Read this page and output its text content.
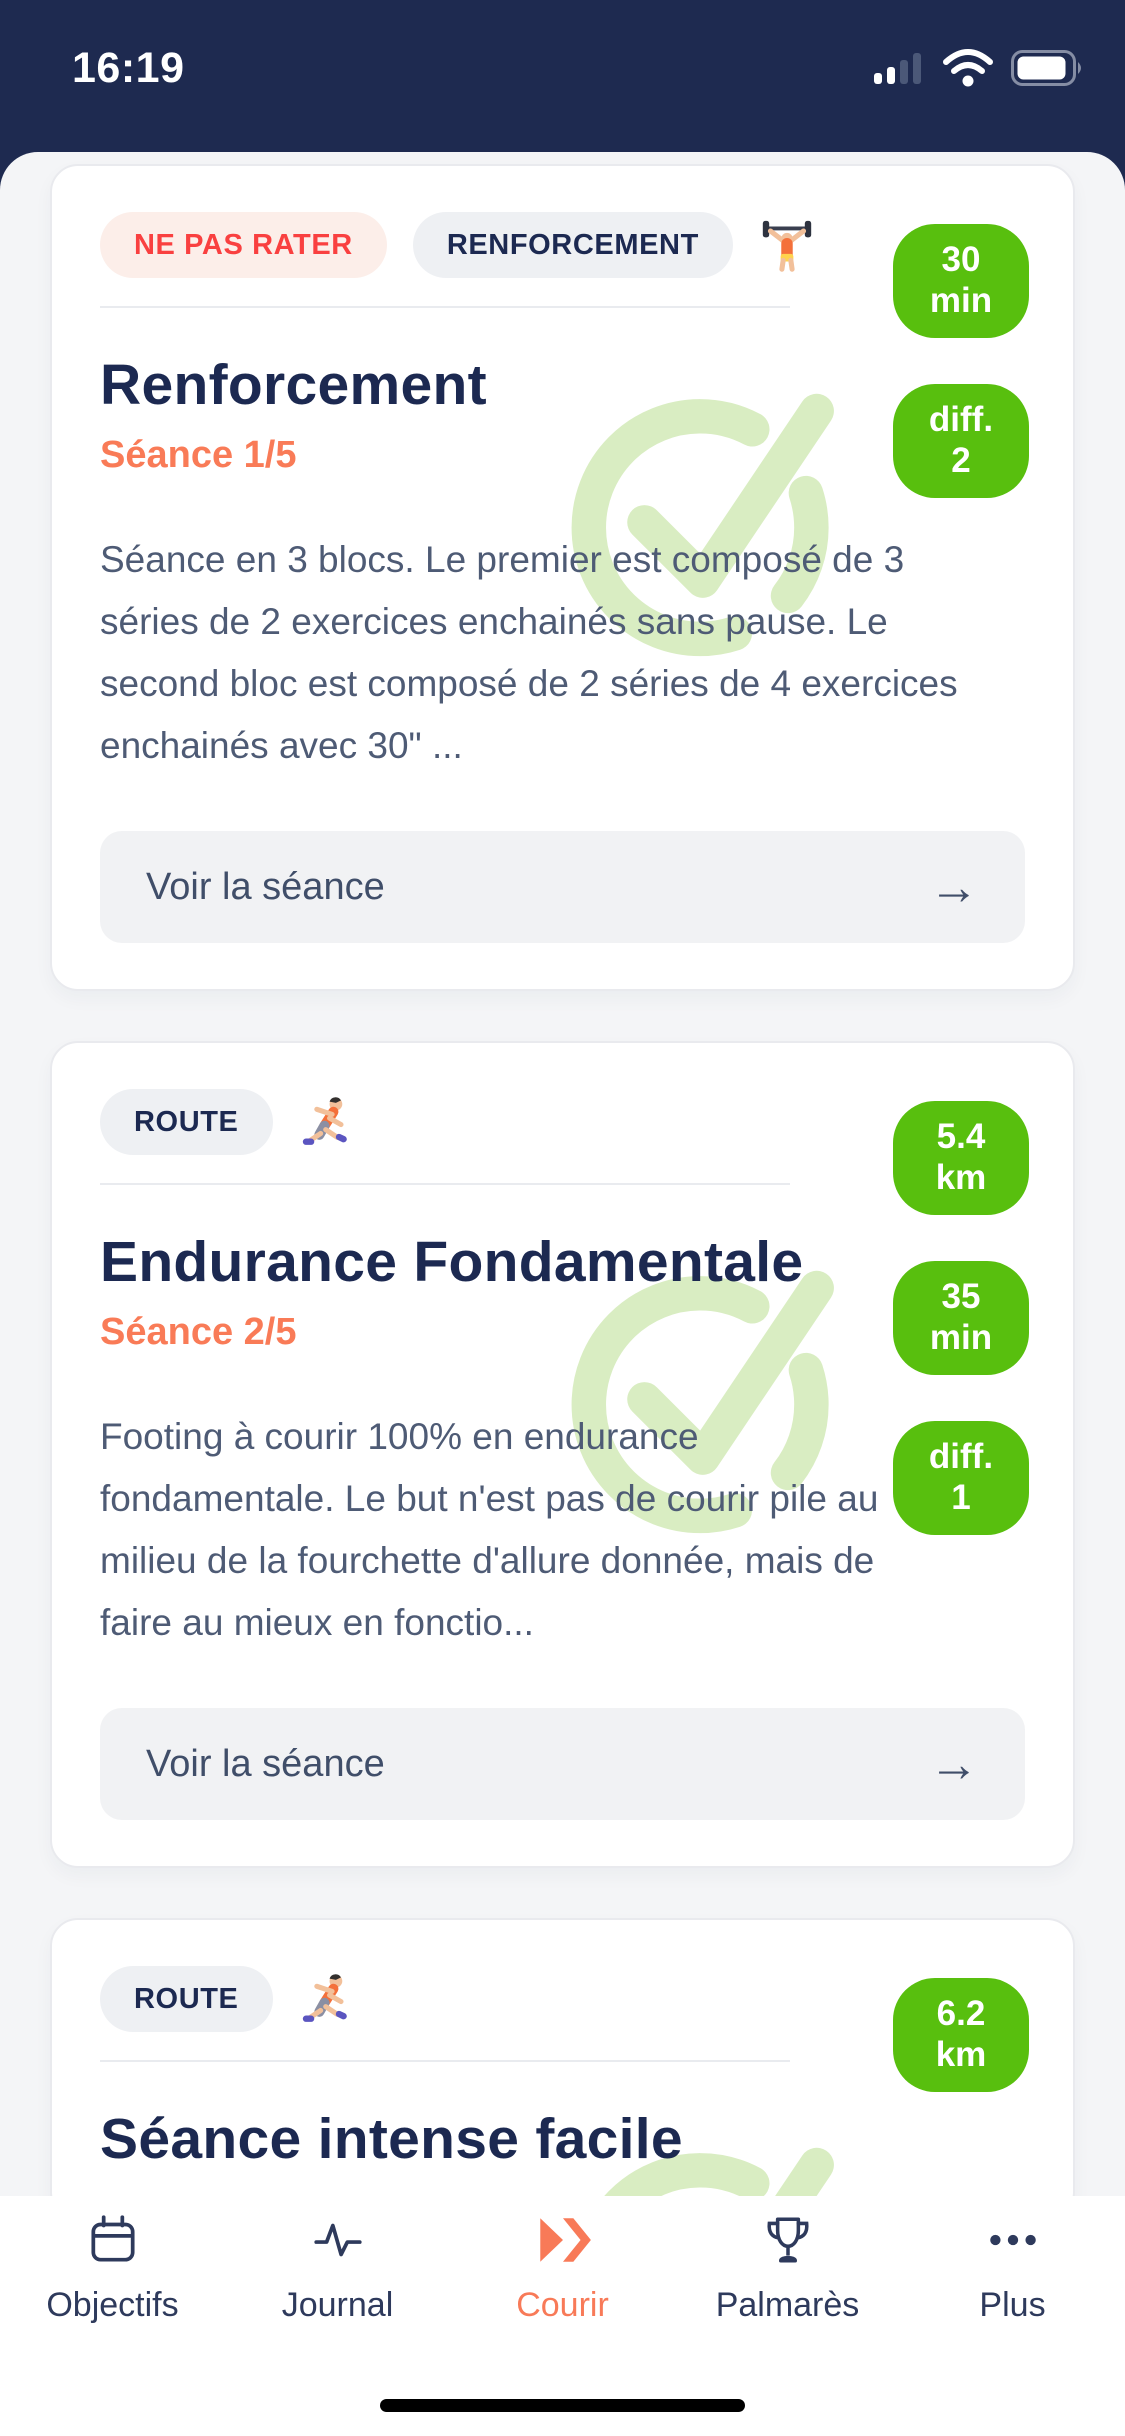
16:19
NE PAS RATER	RENFORCEMENT	30
min
diff.
2
Renforcement
Séance 1/5

Séance en 3 blocs. Le premier est composé de 3 séries de 2 exercices enchainés sans pause. Le second bloc est composé de 2 séries de 4 exercices enchainés avec 30" ...

Voir la séance	→
ROUTE	5.4
km
35
min
diff.
1
Endurance Fondamentale
Séance 2/5

Footing à courir 100% en endurance fondamentale. Le but n'est pas de courir pile au milieu de la fourchette d'allure donnée, mais de faire au mieux en fonctio...

Voir la séance	→
ROUTE	6.2
km
Séance intense facile
Objectifs	Journal	Courir	Palmarès	Plus
